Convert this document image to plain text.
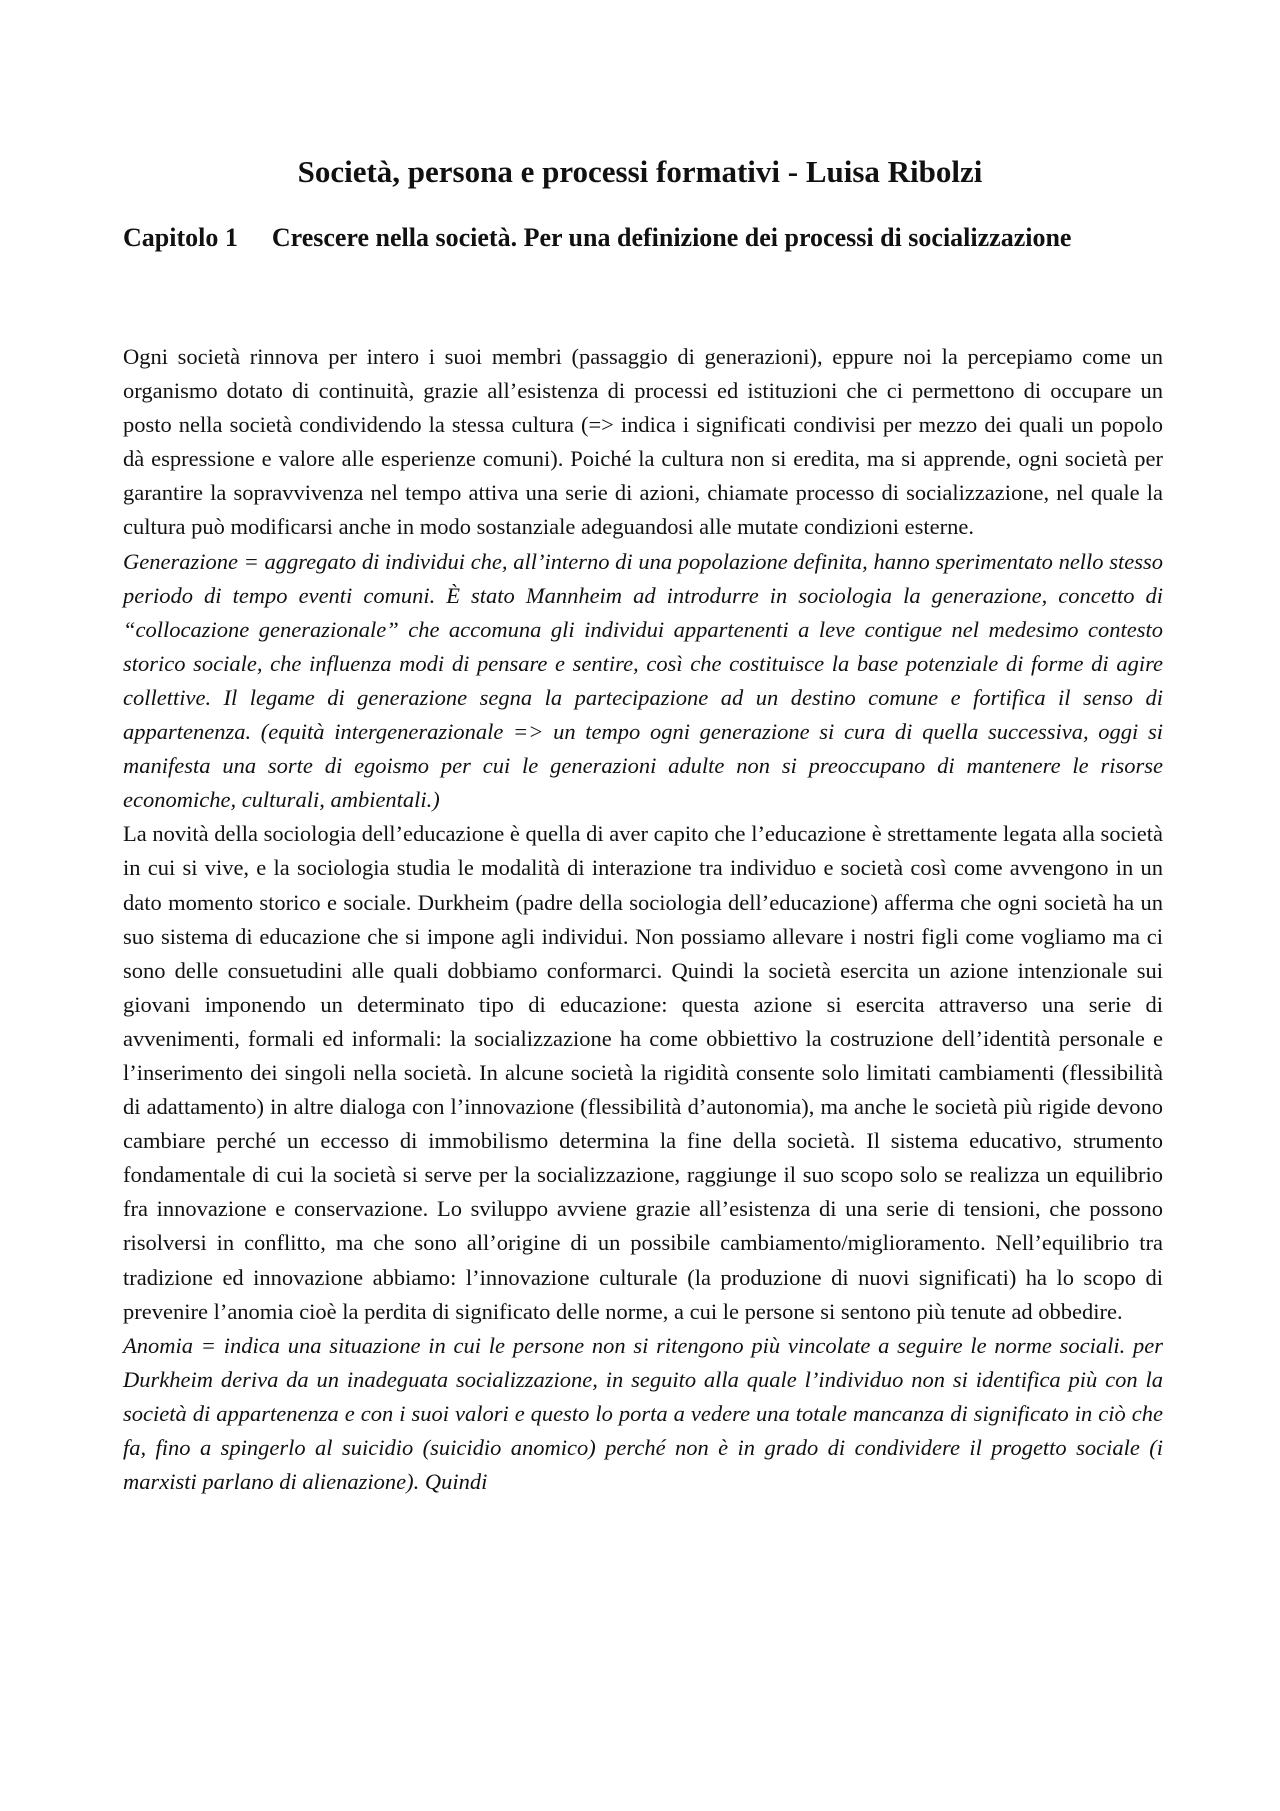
Società, persona e processi formativi - Luisa Ribolzi
Capitolo 1 Crescere nella società. Per una definizione dei processi di socializzazione

Ogni società rinnova per intero i suoi membri (passaggio di generazioni), eppure noi la percepiamo come un organismo dotato di continuità, grazie all’esistenza di processi ed istituzioni che ci permettono di occupare un posto nella società condividendo la stessa cultura (=> indica i significati condivisi per mezzo dei quali un popolo dà espressione e valore alle esperienze comuni). Poiché la cultura non si eredita, ma si apprende, ogni società per garantire la sopravvivenza nel tempo attiva una serie di azioni, chiamate processo di socializzazione, nel quale la cultura può modificarsi anche in modo sostanziale adeguandosi alle mutate condizioni esterne.

Generazione = aggregato di individui che, all’interno di una popolazione definita, hanno sperimentato nello stesso periodo di tempo eventi comuni. È stato Mannheim ad introdurre in sociologia la generazione, concetto di “collocazione generazionale” che accomuna gli individui appartenenti a leve contigue nel medesimo contesto storico sociale, che influenza modi di pensare e sentire, così che costituisce la base potenziale di forme di agire collettive. Il legame di generazione segna la partecipazione ad un destino comune e fortifica il senso di appartenenza. (equità intergenerazionale => un tempo ogni generazione si cura di quella successiva, oggi si manifesta una sorte di egoismo per cui le generazioni adulte non si preoccupano di mantenere le risorse economiche, culturali, ambientali.)

La novità della sociologia dell’educazione è quella di aver capito che l’educazione è strettamente legata alla società in cui si vive, e la sociologia studia le modalità di interazione tra individuo e società così come avvengono in un dato momento storico e sociale. Durkheim (padre della sociologia dell’educazione) afferma che ogni società ha un suo sistema di educazione che si impone agli individui. Non possiamo allevare i nostri figli come vogliamo ma ci sono delle consuetudini alle quali dobbiamo conformarci. Quindi la società esercita un azione intenzionale sui giovani imponendo un determinato tipo di educazione: questa azione si esercita attraverso una serie di avvenimenti, formali ed informali: la socializzazione ha come obbiettivo la costruzione dell’identità personale e l’inserimento dei singoli nella società. In alcune società la rigidità consente solo limitati cambiamenti (flessibilità di adattamento) in altre dialoga con l’innovazione (flessibilità d’autonomia), ma anche le società più rigide devono cambiare perché un eccesso di immobilismo determina la fine della società. Il sistema educativo, strumento fondamentale di cui la società si serve per la socializzazione, raggiunge il suo scopo solo se realizza un equilibrio fra innovazione e conservazione. Lo sviluppo avviene grazie all’esistenza di una serie di tensioni, che possono risolversi in conflitto, ma che sono all’origine di un possibile cambiamento/miglioramento. Nell’equilibrio tra tradizione ed innovazione abbiamo: l’innovazione culturale (la produzione di nuovi significati) ha lo scopo di prevenire l’anomia cioè la perdita di significato delle norme, a cui le persone si sentono più tenute ad obbedire.

Anomia = indica una situazione in cui le persone non si ritengono più vincolate a seguire le norme sociali. per Durkheim deriva da un inadeguata socializzazione, in seguito alla quale l’individuo non si identifica più con la società di appartenenza e con i suoi valori e questo lo porta a vedere una totale mancanza di significato in ciò che fa, fino a spingerlo al suicidio (suicidio anomico) perché non è in grado di condividere il progetto sociale (i marxisti parlano di alienazione). Quindi
